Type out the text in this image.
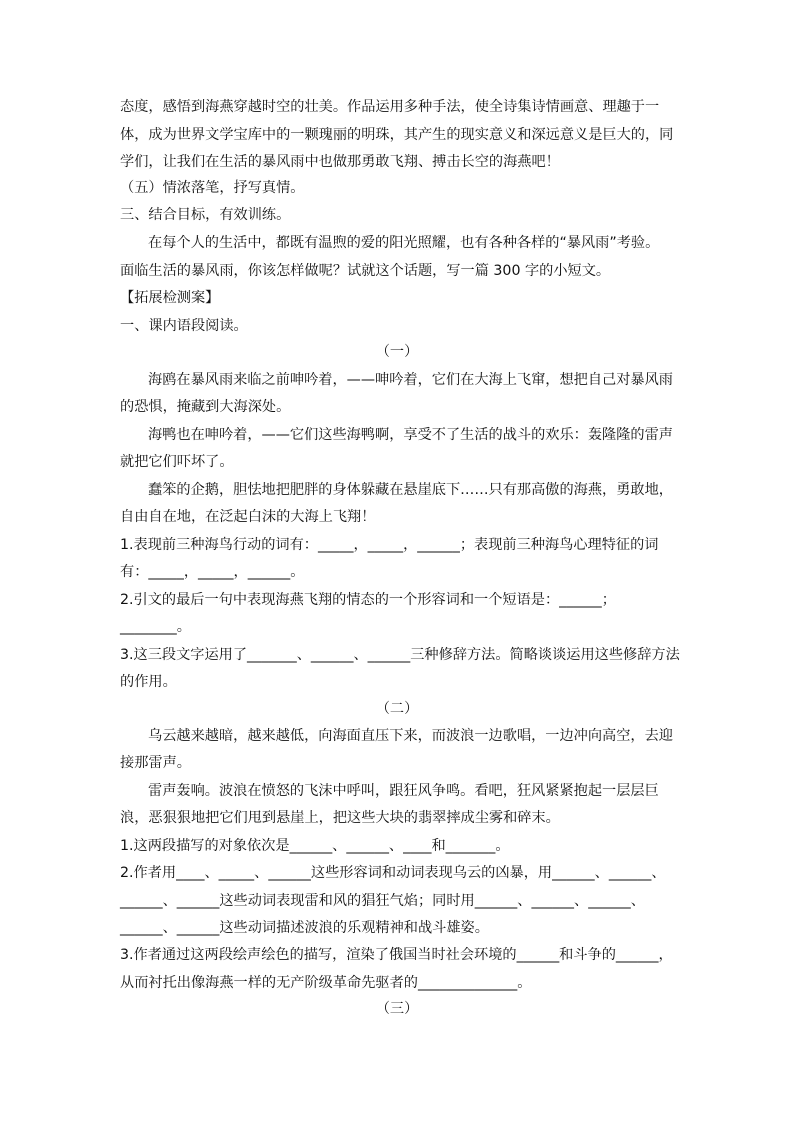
态度，感悟到海燕穿越时空的壮美。作品运用多种手法，使全诗集诗情画意、理趣于一
体，成为世界文学宝库中的一颗瑰丽的明珠，其产生的现实意义和深远意义是巨大的，同
学们，让我们在生活的暴风雨中也做那勇敢飞翔、搏击长空的海燕吧！
（五）情浓落笔，抒写真情。
三、结合目标，有效训练。
在每个人的生活中，都既有温煦的爱的阳光照耀，也有各种各样的“暴风雨”考验。
面临生活的暴风雨，你该怎样做呢？试就这个话题，写一篇 300 字的小短文。
【拓展检测案】
一、课内语段阅读。
（一）
海鸥在暴风雨来临之前呻吟着，——呻吟着，它们在大海上飞窜，想把自己对暴风雨
的恐惧，掩藏到大海深处。
海鸭也在呻吟着，——它们这些海鸭啊，享受不了生活的战斗的欢乐：轰隆隆的雷声
就把它们吓坏了。
蠢笨的企鹅，胆怯地把肥胖的身体躲藏在悬崖底下……只有那高傲的海燕，勇敢地，
自由自在地，在泛起白沫的大海上飞翔！
1.表现前三种海鸟行动的词有：_____，_____，______；表现前三种海鸟心理特征的词
有：_____，_____，______。
2.引文的最后一句中表现海燕飞翔的情态的一个形容词和一个短语是：______；
________。
3.这三段文字运用了_______、______、______三种修辞方法。简略谈谈运用这些修辞方法
的作用。
（二）
乌云越来越暗，越来越低，向海面直压下来，而波浪一边歌唱，一边冲向高空，去迎
接那雷声。
雷声轰响。波浪在愤怒的飞沫中呼叫，跟狂风争鸣。看吧，狂风紧紧抱起一层层巨
浪，恶狠狠地把它们甩到悬崖上，把这些大块的翡翠摔成尘雾和碎末。
1.这两段描写的对象依次是______、______、____和_______。
2.作者用____、_____、______这些形容词和动词表现乌云的凶暴，用______、______、
______、______这些动词表现雷和风的猖狂气焰；同时用______、______、______、
______、______这些动词描述波浪的乐观精神和战斗雄姿。
3.作者通过这两段绘声绘色的描写，渲染了俄国当时社会环境的______和斗争的______，
从而衬托出像海燕一样的无产阶级革命先驱者的______________。
（三）
